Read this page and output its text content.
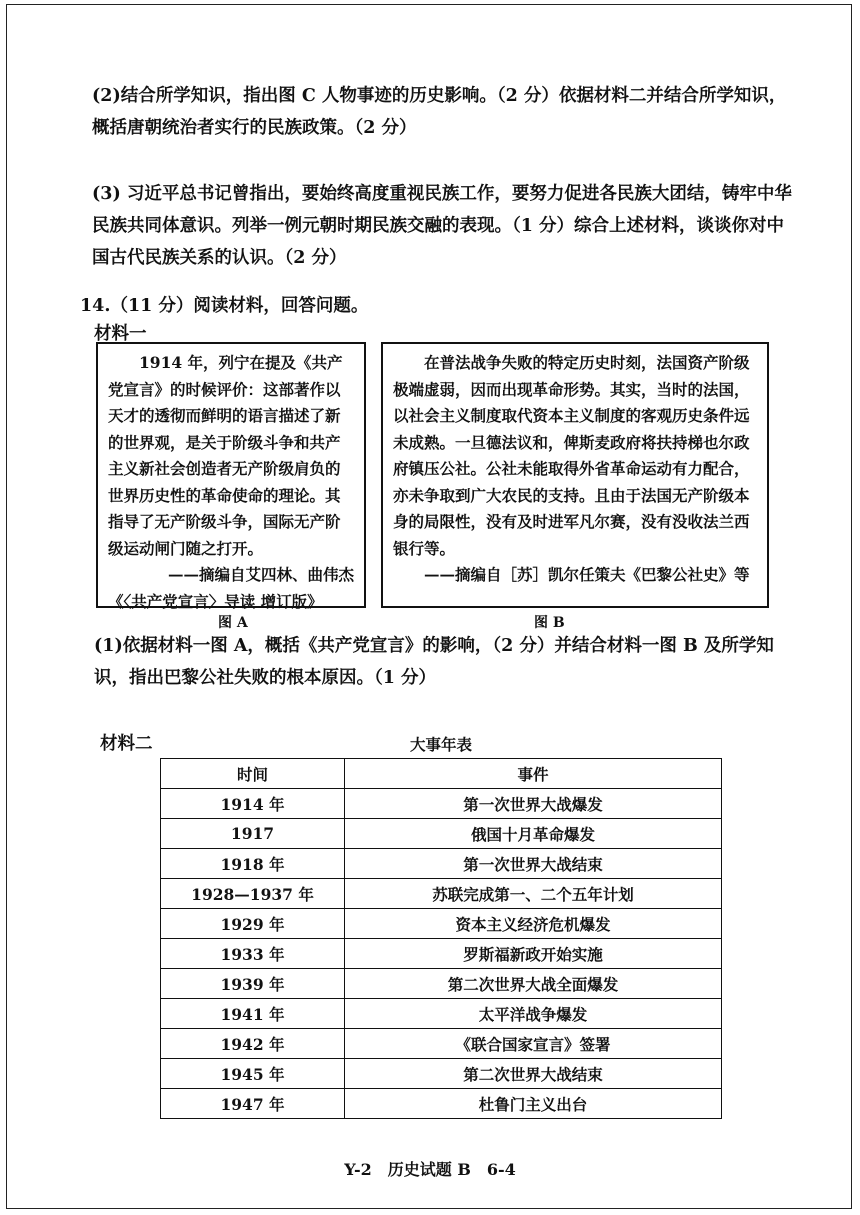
(2)结合所学知识，指出图 C 人物事迹的历史影响。（2 分）依据材料二并结合所学知识，概括唐朝统治者实行的民族政策。（2 分）
(3) 习近平总书记曾指出，要始终高度重视民族工作，要努力促进各民族大团结，铸牢中华民族共同体意识。列举一例元朝时期民族交融的表现。（1 分）综合上述材料，谈谈你对中国古代民族关系的认识。（2 分）
14.（11 分）阅读材料，回答问题。
材料一

1914 年，列宁在提及《共产党宣言》的时候评价：这部著作以天才的透彻而鲜明的语言描述了新的世界观，是关于阶级斗争和共产主义新社会创造者无产阶级肩负的世界历史性的革命使命的理论。其指导了无产阶级斗争，国际无产阶级运动闸门随之打开。

——摘编自艾四林、曲伟杰

《〈共产党宣言〉导读 增订版》

在普法战争失败的特定历史时刻，法国资产阶级极端虚弱，因而出现革命形势。其实，当时的法国，以社会主义制度取代资本主义制度的客观历史条件远未成熟。一旦德法议和，俾斯麦政府将扶持梯也尔政府镇压公社。公社未能取得外省革命运动有力配合，亦未争取到广大农民的支持。且由于法国无产阶级本身的局限性，没有及时进军凡尔赛，没有没收法兰西银行等。

——摘编自［苏］凯尔任策夫《巴黎公社史》等

图 A	图 B
(1)依据材料一图 A，概括《共产党宣言》的影响，（2 分）并结合材料一图 B 及所学知识，指出巴黎公社失败的根本原因。（1 分）
材料二	大事年表
时间	事件
1914 年	第一次世界大战爆发
1917	俄国十月革命爆发
1918 年	第一次世界大战结束
1928—1937 年	苏联完成第一、二个五年计划
1929 年	资本主义经济危机爆发
1933 年	罗斯福新政开始实施
1939 年	第二次世界大战全面爆发
1941 年	太平洋战争爆发
1942 年	《联合国家宣言》签署
1945 年	第二次世界大战结束
1947 年	杜鲁门主义出台
Y-2　历史试题 B　6-4
